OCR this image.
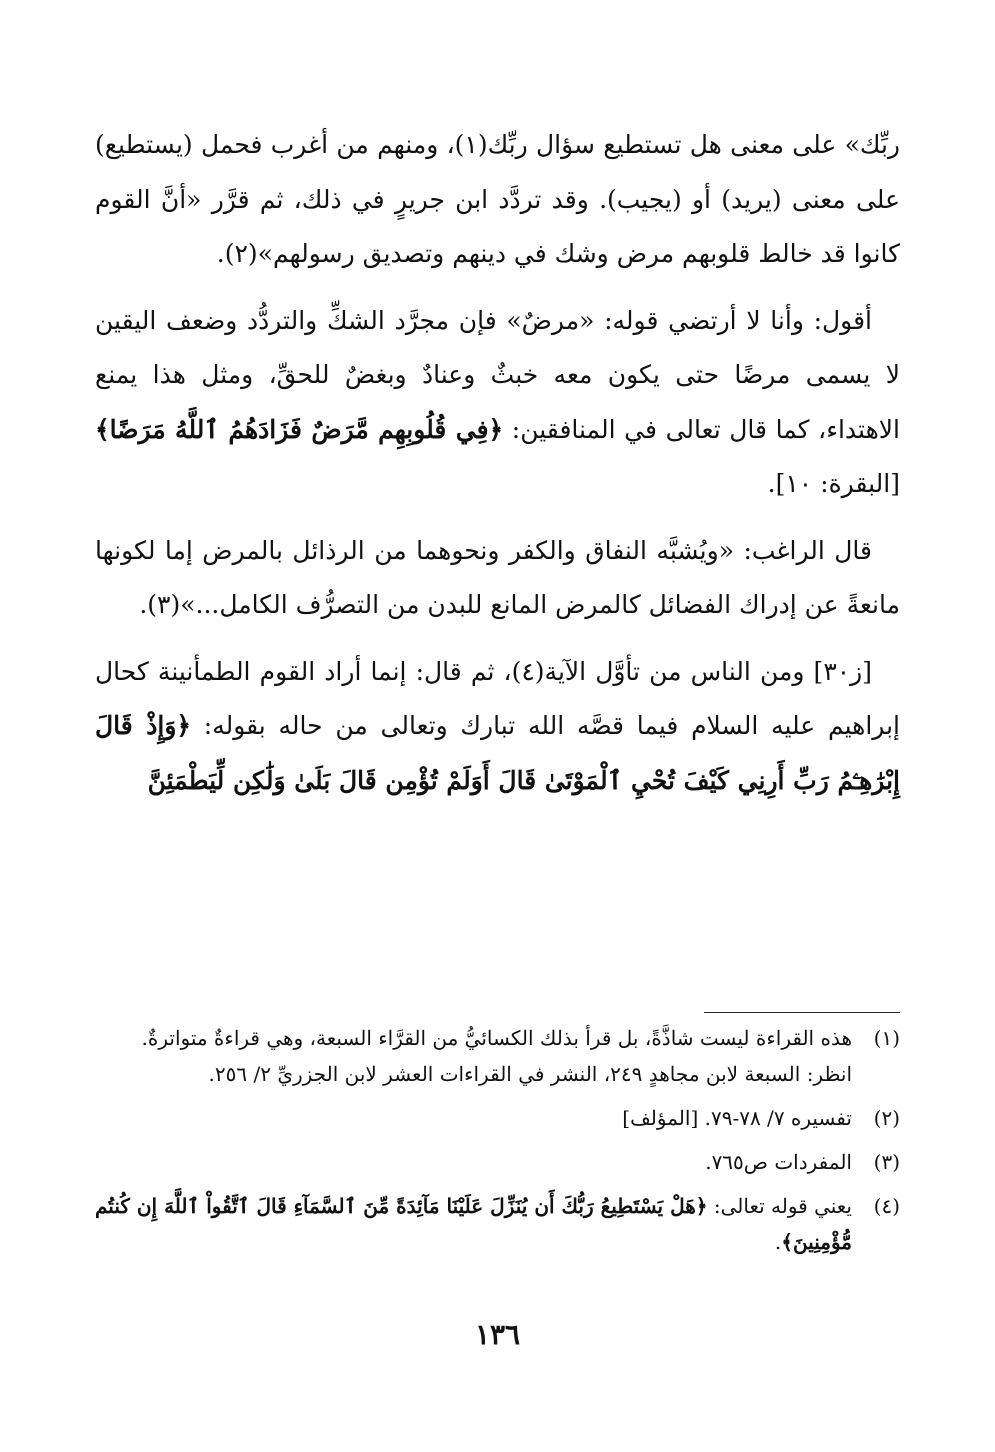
ربِّك» على معنى هل تستطيع سؤال ربِّك(١)، ومنهم من أغرب فحمل (يستطيع) على معنى (يريد) أو (يجيب). وقد تردَّد ابن جريرٍ في ذلك، ثم قرَّر «أنَّ القوم كانوا قد خالط قلوبهم مرض وشك في دينهم وتصديق رسولهم»(٢).

أقول: وأنا لا أرتضي قوله: «مرضٌ» فإن مجرَّد الشكِّ والتردُّد وضعف اليقين لا يسمى مرضًا حتى يكون معه خبثٌ وعنادٌ وبغضٌ للحقِّ، ومثل هذا يمنع الاهتداء، كما قال تعالى في المنافقين: ﴿فِي قُلُوبِهِم مَّرَضٌ فَزَادَهُمُ ٱللَّهُ مَرَضًا﴾ [البقرة: ١٠].

قال الراغب: «ويُشبَّه النفاق والكفر ونحوهما من الرذائل بالمرض إما لكونها مانعةً عن إدراك الفضائل كالمرض المانع للبدن من التصرُّف الكامل...»(٣).

[ز٣٠] ومن الناس من تأوَّل الآية(٤)، ثم قال: إنما أراد القوم الطمأنينة كحال إبراهيم عليه السلام فيما قصَّه الله تبارك وتعالى من حاله بقوله: ﴿وَإِذْ قَالَ إِبْرَٰهِـۧمُ رَبِّ أَرِنِي كَيْفَ تُحْيِ ٱلْمَوْتَىٰ قَالَ أَوَلَمْ تُؤْمِن قَالَ بَلَىٰ وَلَٰكِن لِّيَطْمَئِنَّ

(١)
هذه القراءة ليست شاذَّةً، بل قرأ بذلك الكسائيُّ من القرَّاء السبعة، وهي قراءةٌ متواترةٌ.
انظر: السبعة لابن مجاهدٍ ٢٤٩، النشر في القراءات العشر لابن الجزريِّ ٢/ ٢٥٦.
(٢)
تفسيره ٧/ ٧٨-٧٩. [المؤلف]
(٣)
المفردات ص٧٦٥.
(٤)
يعني قوله تعالى: ﴿هَلْ يَسْتَطِيعُ رَبُّكَ أَن يُنَزِّلَ عَلَيْنَا مَآئِدَةً مِّنَ ٱلسَّمَآءِ قَالَ ٱتَّقُواْ ٱللَّهَ إِن كُنتُم مُّؤْمِنِينَ﴾.
١٣٦
